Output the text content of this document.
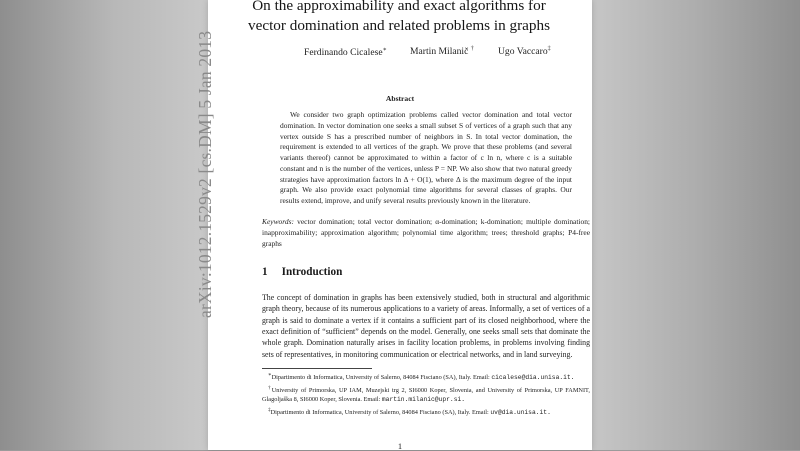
arXiv:1012.1529v2 [cs.DM] 5 Jan 2013
On the approximability and exact algorithms for vector domination and related problems in graphs
Ferdinando Cicalese∗ Martin Milanič †	Ugo Vaccaro‡
Abstract
We consider two graph optimization problems called vector domination and total vector domination. In vector domination one seeks a small subset S of vertices of a graph such that any vertex outside S has a prescribed number of neighbors in S. In total vector domination, the requirement is extended to all vertices of the graph. We prove that these problems (and several variants thereof) cannot be approximated to within a factor of c ln n, where c is a suitable constant and n is the number of the vertices, unless P = NP. We also show that two natural greedy strategies have approximation factors ln Δ + O(1), where Δ is the maximum degree of the input graph. We also provide exact polynomial time algorithms for several classes of graphs. Our results extend, improve, and unify several results previously known in the literature.
Keywords: vector domination; total vector domination; α-domination; k-domination; multiple domination; inapproximability; approximation algorithm; polynomial time algorithm; trees; threshold graphs; P4-free graphs
1 Introduction
The concept of domination in graphs has been extensively studied, both in structural and algorithmic graph theory, because of its numerous applications to a variety of areas. Informally, a set of vertices of a graph is said to dominate a vertex if it contains a sufficient part of its closed neighborhood, where the exact definition of “sufficient” depends on the model. Generally, one seeks small sets that dominate the whole graph. Domination naturally arises in facility location problems, in problems involving finding sets of representatives, in monitoring communication or electrical networks, and in land surveying.

∗Dipartimento di Informatica, University of Salerno, 84084 Fisciano (SA), Italy. Email: cicalese@dia.unisa.it.

†University of Primorska, UP IAM, Muzejski trg 2, SI6000 Koper, Slovenia, and University of Primorska, UP FAMNIT, Glagoljaška 8, SI6000 Koper, Slovenia. Email: martin.milanic@upr.si.

‡Dipartimento di Informatica, University of Salerno, 84084 Fisciano (SA), Italy. Email: uv@dia.unisa.it.

1
